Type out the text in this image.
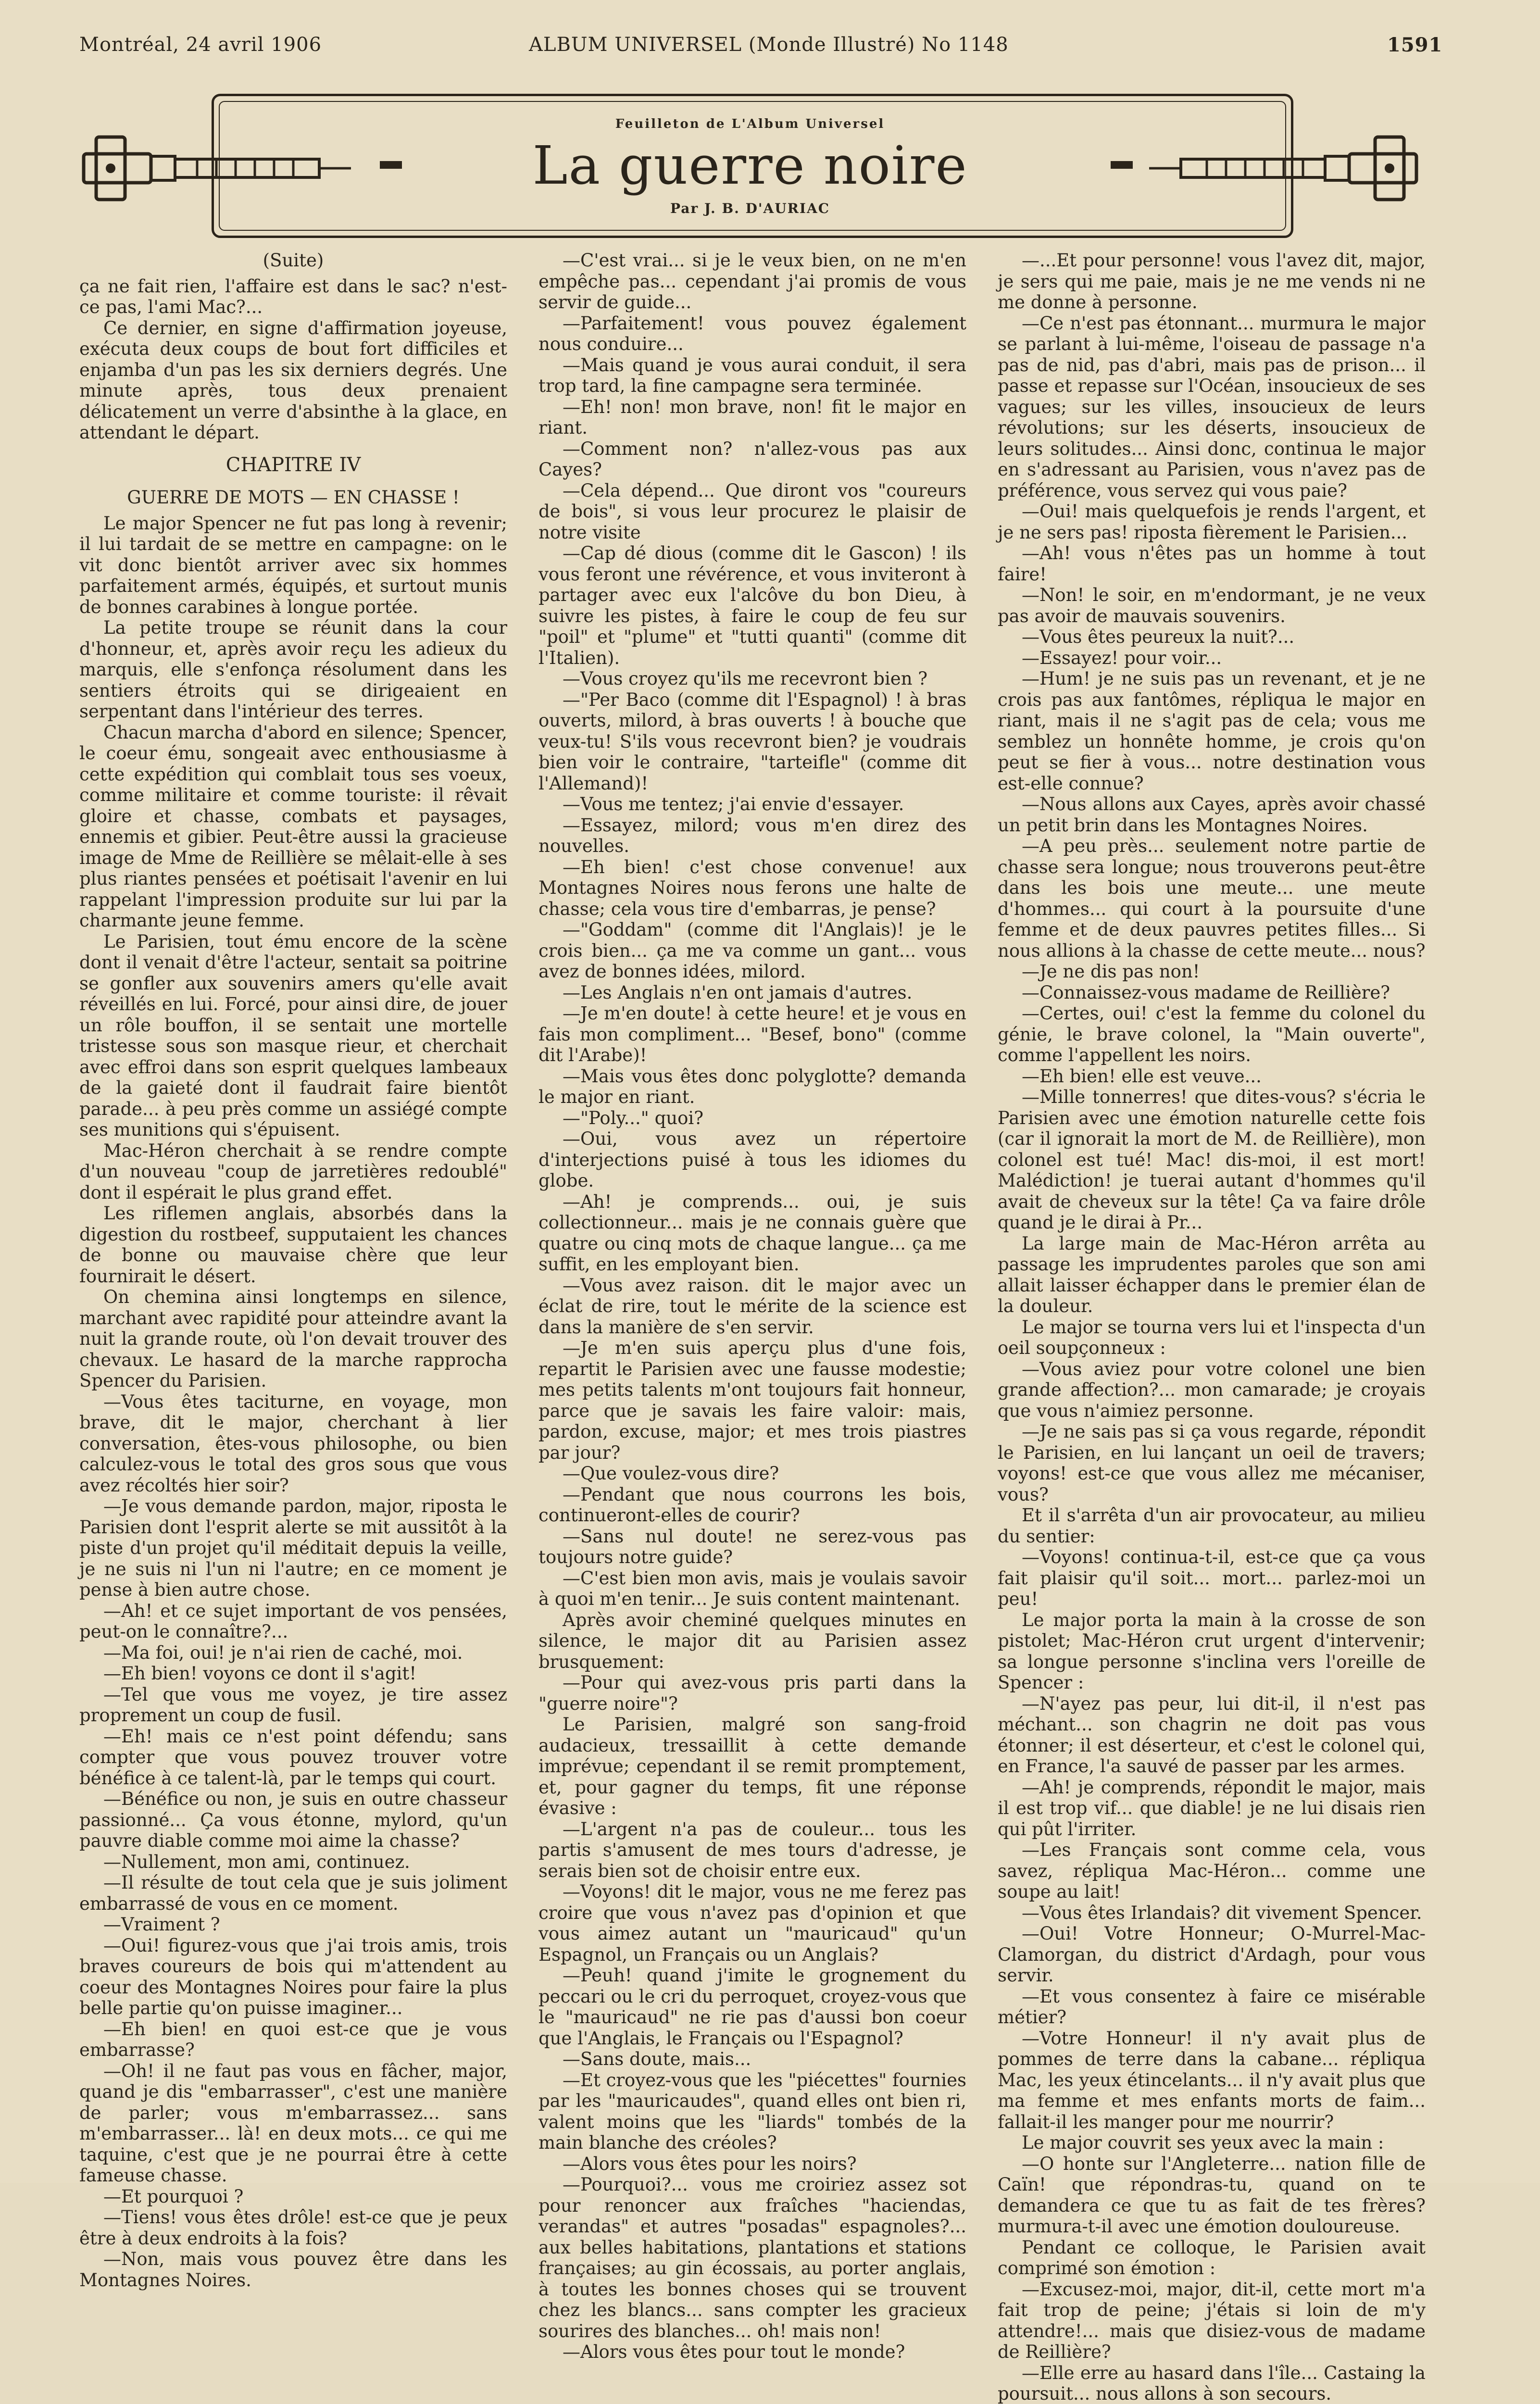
Montréal, 24 avril 1906	ALBUM UNIVERSEL (Monde Illustré) No 1148	1591
Feuilleton de L'Album Universel
La guerre noire
Par J. B. D'AURIAC

(Suite)

ça ne fait rien, l'affaire est dans le sac? n'est-ce pas, l'ami Mac?...

Ce dernier, en signe d'affirmation joyeuse, exécuta deux coups de bout fort difficiles et enjamba d'un pas les six derniers degrés. Une minute après, tous deux prenaient délicatement un verre d'absinthe à la glace, en attendant le départ.

CHAPITRE IV

GUERRE DE MOTS — EN CHASSE !

Le major Spencer ne fut pas long à revenir; il lui tardait de se mettre en campagne: on le vit donc bientôt arriver avec six hommes parfaitement armés, équipés, et surtout munis de bonnes carabines à longue portée.

La petite troupe se réunit dans la cour d'honneur, et, après avoir reçu les adieux du marquis, elle s'enfonça résolument dans les sentiers étroits qui se dirigeaient en serpentant dans l'intérieur des terres.

Chacun marcha d'abord en silence; Spencer, le coeur ému, songeait avec enthousiasme à cette expédition qui comblait tous ses voeux, comme militaire et comme touriste: il rêvait gloire et chasse, combats et paysages, ennemis et gibier. Peut-être aussi la gracieuse image de Mme de Reillière se mêlait-elle à ses plus riantes pensées et poétisait l'avenir en lui rappelant l'impression produite sur lui par la charmante jeune femme.

Le Parisien, tout ému encore de la scène dont il venait d'être l'acteur, sentait sa poitrine se gonfler aux souvenirs amers qu'elle avait réveillés en lui. Forcé, pour ainsi dire, de jouer un rôle bouffon, il se sentait une mortelle tristesse sous son masque rieur, et cherchait avec effroi dans son esprit quelques lambeaux de la gaieté dont il faudrait faire bientôt parade... à peu près comme un assiégé compte ses munitions qui s'épuisent.

Mac-Héron cherchait à se rendre compte d'un nouveau "coup de jarretières redoublé" dont il espérait le plus grand effet.

Les riflemen anglais, absorbés dans la digestion du rostbeef, supputaient les chances de bonne ou mauvaise chère que leur fournirait le désert.

On chemina ainsi longtemps en silence, marchant avec rapidité pour atteindre avant la nuit la grande route, où l'on devait trouver des chevaux. Le hasard de la marche rapprocha Spencer du Parisien.

—Vous êtes taciturne, en voyage, mon brave, dit le major, cherchant à lier conversation, êtes-vous philosophe, ou bien calculez-vous le total des gros sous que vous avez récoltés hier soir?

—Je vous demande pardon, major, riposta le Parisien dont l'esprit alerte se mit aussitôt à la piste d'un projet qu'il méditait depuis la veille, je ne suis ni l'un ni l'autre; en ce moment je pense à bien autre chose.

—Ah! et ce sujet important de vos pensées, peut-on le connaître?...

—Ma foi, oui! je n'ai rien de caché, moi.

—Eh bien! voyons ce dont il s'agit!

—Tel que vous me voyez, je tire assez proprement un coup de fusil.

—Eh! mais ce n'est point défendu; sans compter que vous pouvez trouver votre bénéfice à ce talent-là, par le temps qui court.

—Bénéfice ou non, je suis en outre chasseur passionné... Ça vous étonne, mylord, qu'un pauvre diable comme moi aime la chasse?

—Nullement, mon ami, continuez.

—Il résulte de tout cela que je suis joliment embarrassé de vous en ce moment.

—Vraiment ?

—Oui! figurez-vous que j'ai trois amis, trois braves coureurs de bois qui m'attendent au coeur des Montagnes Noires pour faire la plus belle partie qu'on puisse imaginer...

—Eh bien! en quoi est-ce que je vous embarrasse?

—Oh! il ne faut pas vous en fâcher, major, quand je dis "embarrasser", c'est une manière de parler; vous m'embarrassez... sans m'embarrasser... là! en deux mots... ce qui me taquine, c'est que je ne pourrai être à cette fameuse chasse.

—Et pourquoi ?

—Tiens! vous êtes drôle! est-ce que je peux être à deux endroits à la fois?

—Non, mais vous pouvez être dans les Montagnes Noires.

—C'est vrai... si je le veux bien, on ne m'en empêche pas... cependant j'ai promis de vous servir de guide...

—Parfaitement! vous pouvez également nous conduire...

—Mais quand je vous aurai conduit, il sera trop tard, la fine campagne sera terminée.

—Eh! non! mon brave, non! fit le major en riant.

—Comment non? n'allez-vous pas aux Cayes?

—Cela dépend... Que diront vos "coureurs de bois", si vous leur procurez le plaisir de notre visite

—Cap dé dious (comme dit le Gascon) ! ils vous feront une révérence, et vous inviteront à partager avec eux l'alcôve du bon Dieu, à suivre les pistes, à faire le coup de feu sur "poil" et "plume" et "tutti quanti" (comme dit l'Italien).

—Vous croyez qu'ils me recevront bien ?

—"Per Baco (comme dit l'Espagnol) ! à bras ouverts, milord, à bras ouverts ! à bouche que veux-tu! S'ils vous recevront bien? je voudrais bien voir le contraire, "tarteifle" (comme dit l'Allemand)!

—Vous me tentez; j'ai envie d'essayer.

—Essayez, milord; vous m'en direz des nouvelles.

—Eh bien! c'est chose convenue! aux Montagnes Noires nous ferons une halte de chasse; cela vous tire d'embarras, je pense?

—"Goddam" (comme dit l'Anglais)! je le crois bien... ça me va comme un gant... vous avez de bonnes idées, milord.

—Les Anglais n'en ont jamais d'autres.

—Je m'en doute! à cette heure! et je vous en fais mon compliment... "Besef, bono" (comme dit l'Arabe)!

—Mais vous êtes donc polyglotte? demanda le major en riant.

—"Poly..." quoi?

—Oui, vous avez un répertoire d'interjections puisé à tous les idiomes du globe.

—Ah! je comprends... oui, je suis collectionneur... mais je ne connais guère que quatre ou cinq mots de chaque langue... ça me suffit, en les employant bien.

—Vous avez raison. dit le major avec un éclat de rire, tout le mérite de la science est dans la manière de s'en servir.

—Je m'en suis aperçu plus d'une fois, repartit le Parisien avec une fausse modestie; mes petits talents m'ont toujours fait honneur, parce que je savais les faire valoir: mais, pardon, excuse, major; et mes trois piastres par jour?

—Que voulez-vous dire?

—Pendant que nous courrons les bois, continueront-elles de courir?

—Sans nul doute! ne serez-vous pas toujours notre guide?

—C'est bien mon avis, mais je voulais savoir à quoi m'en tenir... Je suis content maintenant.

Après avoir cheminé quelques minutes en silence, le major dit au Parisien assez brusquement:

—Pour qui avez-vous pris parti dans la "guerre noire"?

Le Parisien, malgré son sang-froid audacieux, tressaillit à cette demande imprévue; cependant il se remit promptement, et, pour gagner du temps, fit une réponse évasive :

—L'argent n'a pas de couleur... tous les partis s'amusent de mes tours d'adresse, je serais bien sot de choisir entre eux.

—Voyons! dit le major, vous ne me ferez pas croire que vous n'avez pas d'opinion et que vous aimez autant un "mauricaud" qu'un Espagnol, un Français ou un Anglais?

—Peuh! quand j'imite le grognement du peccari ou le cri du perroquet, croyez-vous que le "mauricaud" ne rie pas d'aussi bon coeur que l'Anglais, le Français ou l'Espagnol?

—Sans doute, mais...

—Et croyez-vous que les "piécettes" fournies par les "mauricaudes", quand elles ont bien ri, valent moins que les "liards" tombés de la main blanche des créoles?

—Alors vous êtes pour les noirs?

—Pourquoi?... vous me croiriez assez sot pour renoncer aux fraîches "haciendas, verandas" et autres "posadas" espagnoles?... aux belles habitations, plantations et stations françaises; au gin écossais, au porter anglais, à toutes les bonnes choses qui se trouvent chez les blancs... sans compter les gracieux sourires des blanches... oh! mais non!

—Alors vous êtes pour tout le monde?

—...Et pour personne! vous l'avez dit, major, je sers qui me paie, mais je ne me vends ni ne me donne à personne.

—Ce n'est pas étonnant... murmura le major se parlant à lui-même, l'oiseau de passage n'a pas de nid, pas d'abri, mais pas de prison... il passe et repasse sur l'Océan, insoucieux de ses vagues; sur les villes, insoucieux de leurs révolutions; sur les déserts, insoucieux de leurs solitudes... Ainsi donc, continua le major en s'adressant au Parisien, vous n'avez pas de préférence, vous servez qui vous paie?

—Oui! mais quelquefois je rends l'argent, et je ne sers pas! riposta fièrement le Parisien...

—Ah! vous n'êtes pas un homme à tout faire!

—Non! le soir, en m'endormant, je ne veux pas avoir de mauvais souvenirs.

—Vous êtes peureux la nuit?...

—Essayez! pour voir...

—Hum! je ne suis pas un revenant, et je ne crois pas aux fantômes, répliqua le major en riant, mais il ne s'agit pas de cela; vous me semblez un honnête homme, je crois qu'on peut se fier à vous... notre destination vous est-elle connue?

—Nous allons aux Cayes, après avoir chassé un petit brin dans les Montagnes Noires.

—A peu près... seulement notre partie de chasse sera longue; nous trouverons peut-être dans les bois une meute... une meute d'hommes... qui court à la poursuite d'une femme et de deux pauvres petites filles... Si nous allions à la chasse de cette meute... nous?

—Je ne dis pas non!

—Connaissez-vous madame de Reillière?

—Certes, oui! c'est la femme du colonel du génie, le brave colonel, la "Main ouverte", comme l'appellent les noirs.

—Eh bien! elle est veuve...

—Mille tonnerres! que dites-vous? s'écria le Parisien avec une émotion naturelle cette fois (car il ignorait la mort de M. de Reillière), mon colonel est tué! Mac! dis-moi, il est mort! Malédiction! je tuerai autant d'hommes qu'il avait de cheveux sur la tête! Ça va faire drôle quand je le dirai à Pr...

La large main de Mac-Héron arrêta au passage les imprudentes paroles que son ami allait laisser échapper dans le premier élan de la douleur.

Le major se tourna vers lui et l'inspecta d'un oeil soupçonneux :

—Vous aviez pour votre colonel une bien grande affection?... mon camarade; je croyais que vous n'aimiez personne.

—Je ne sais pas si ça vous regarde, répondit le Parisien, en lui lançant un oeil de travers; voyons! est-ce que vous allez me mécaniser, vous?

Et il s'arrêta d'un air provocateur, au milieu du sentier:

—Voyons! continua-t-il, est-ce que ça vous fait plaisir qu'il soit... mort... parlez-moi un peu!

Le major porta la main à la crosse de son pistolet; Mac-Héron crut urgent d'intervenir; sa longue personne s'inclina vers l'oreille de Spencer :

—N'ayez pas peur, lui dit-il, il n'est pas méchant... son chagrin ne doit pas vous étonner; il est déserteur, et c'est le colonel qui, en France, l'a sauvé de passer par les armes.

—Ah! je comprends, répondit le major, mais il est trop vif... que diable! je ne lui disais rien qui pût l'irriter.

—Les Français sont comme cela, vous savez, répliqua Mac-Héron... comme une soupe au lait!

—Vous êtes Irlandais? dit vivement Spencer.

—Oui! Votre Honneur; O-Murrel-Mac-Clamorgan, du district d'Ardagh, pour vous servir.

—Et vous consentez à faire ce misérable métier?

—Votre Honneur! il n'y avait plus de pommes de terre dans la cabane... répliqua Mac, les yeux étincelants... il n'y avait plus que ma femme et mes enfants morts de faim... fallait-il les manger pour me nourrir?

Le major couvrit ses yeux avec la main :

—O honte sur l'Angleterre... nation fille de Caïn! que répondras-tu, quand on te demandera ce que tu as fait de tes frères? murmura-t-il avec une émotion douloureuse.

Pendant ce colloque, le Parisien avait comprimé son émotion :

—Excusez-moi, major, dit-il, cette mort m'a fait trop de peine; j'étais si loin de m'y attendre!... mais que disiez-vous de madame de Reillière?

—Elle erre au hasard dans l'île... Castaing la poursuit... nous allons à son secours.
